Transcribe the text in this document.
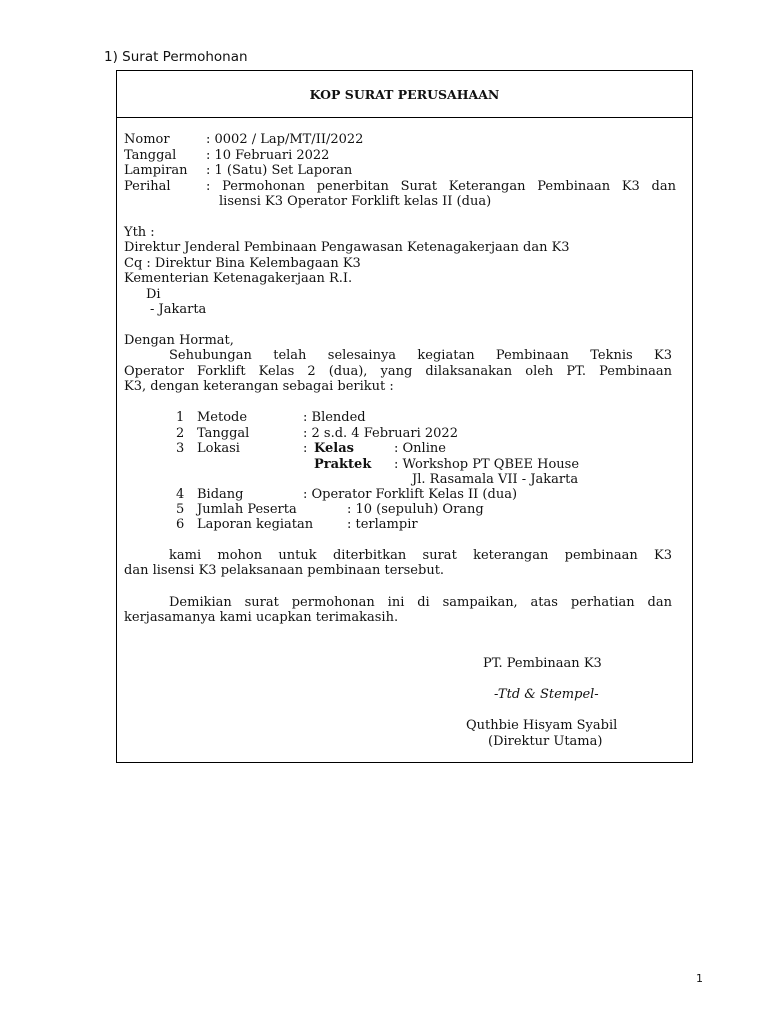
1) Surat Permohonan
KOP SURAT PERUSAHAAN
Nomor	: 0002 / Lap/MT/II/2022
Tanggal : 10 Februari 2022
Lampiran : 1 (Satu) Set Laporan
Perihal	: Permohonan penerbitan Surat Keterangan Pembinaan K3 dan
lisensi K3 Operator Forklift kelas II (dua)
Yth :
Direktur Jenderal Pembinaan Pengawasan Ketenagakerjaan dan K3
Cq : Direktur Bina Kelembagaan K3
Kementerian Ketenagakerjaan R.I.
Di
- Jakarta
Dengan Hormat,
Sehubungan telah selesainya kegiatan Pembinaan Teknis K3
Operator Forklift Kelas 2 (dua), yang dilaksanakan oleh PT. Pembinaan
K3, dengan keterangan sebagai berikut :
1 Metode	: Blended
2 Tanggal	: 2 s.d. 4 Februari 2022
3 Lokasi	: Kelas	: Online
Praktek : Workshop PT QBEE House
Jl. Rasamala VII - Jakarta
4 Bidang	: Operator Forklift Kelas II (dua)
5 Jumlah Peserta	: 10 (sepuluh) Orang
6 Laporan kegiatan	: terlampir
kami mohon untuk diterbitkan surat keterangan pembinaan K3
dan lisensi K3 pelaksanaan pembinaan tersebut.
Demikian surat permohonan ini di sampaikan, atas perhatian dan
kerjasamanya kami ucapkan terimakasih.
PT. Pembinaan K3
-Ttd & Stempel-
Quthbie Hisyam Syabil
(Direktur Utama)
1
